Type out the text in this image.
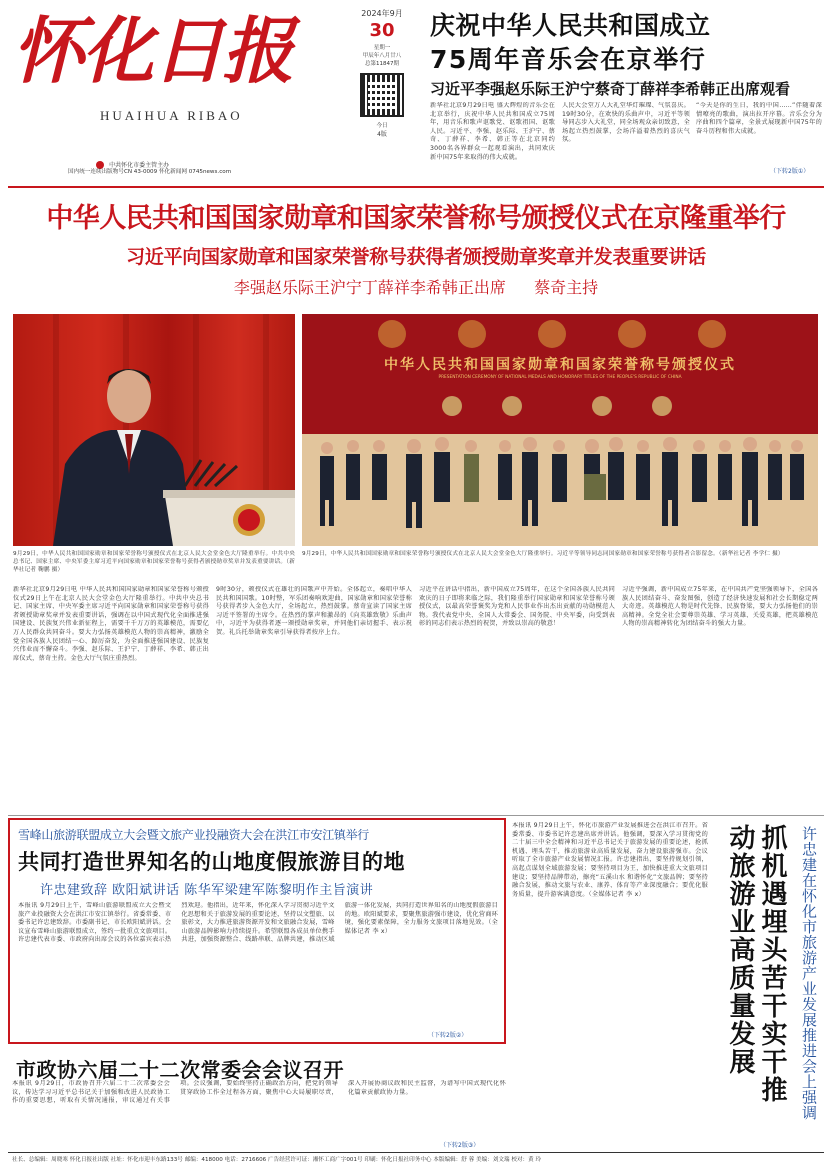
怀化日报
HUAIHUA RIBAO
中共怀化市委主管主办
国内统一连续出版物号CN 43-0009 怀化新闻网 0745news.com
2024年9月
30
星期一
甲辰年八月廿八
总第11847期
今日
4版
庆祝中华人民共和国成立
75周年音乐会在京举行
习近平李强赵乐际王沪宁蔡奇丁薛祥李希韩正出席观看
新华社北京9月29日电 盛大辉煌的音乐会在北京举行，庆祝中华人民共和国成立75周年，用音乐和歌声讴歌党、讴歌祖国、讴歌人民。习近平、李强、赵乐际、王沪宁、蔡奇、丁薛祥、李希、韩正等在北京同约3000名各界群众一起观看演出，共同欢庆新中国75年来取得的伟大成就。
人民大会堂万人大礼堂华灯璀璨、气氛喜庆。19时30分，在欢快的乐曲声中，习近平等领导同志步入大礼堂，同全场观众亲切致意，全场起立热烈鼓掌，会场洋溢着热烈的喜庆气氛。
“今天是你的生日，我的中国……”伴随着深情嘹亮的歌曲，演出拉开序幕。音乐会分为序曲和四个篇章，全景式展现新中国75年的奋斗历程和伟大成就。
（下转2版①）
中华人民共和国国家勋章和国家荣誉称号颁授仪式在京隆重举行
习近平向国家勋章和国家荣誉称号获得者颁授勋章奖章并发表重要讲话
李强赵乐际王沪宁丁薛祥李希韩正出席 蔡奇主持
中华人民共和国国家勋章和国家荣誉称号颁授仪式
PRESENTATION CEREMONY OF NATIONAL MEDALS AND HONORARY TITLES OF THE PEOPLE'S REPUBLIC OF CHINA
9月29日，中华人民共和国国家勋章和国家荣誉称号颁授仪式在北京人民大会堂金色大厅隆重举行。中共中央总书记、国家主席、中央军委主席习近平向国家勋章和国家荣誉称号获得者颁授勋章奖章并发表重要讲话。（新华社记者 鞠鹏 摄）
9月29日，中华人民共和国国家勋章和国家荣誉称号颁授仪式在北京人民大会堂金色大厅隆重举行。习近平等领导同志同国家勋章和国家荣誉称号获得者合影留念。（新华社记者 李学仁 摄）
新华社北京9月29日电 中华人民共和国国家勋章和国家荣誉称号颁授仪式29日上午在北京人民大会堂金色大厅隆重举行。中共中央总书记、国家主席、中央军委主席习近平向国家勋章和国家荣誉称号获得者颁授勋章奖章并发表重要讲话，强调在以中国式现代化全面推进强国建设、民族复兴伟业新征程上，需要千千万万的英雄模范，需要亿万人民群众共同奋斗。要大力弘扬英雄模范人物的崇高精神，激励全党全国各族人民团结一心、踔厉奋发，为全面推进强国建设、民族复兴伟业而不懈奋斗。李强、赵乐际、王沪宁、丁薛祥、李希、韩正出席仪式，蔡奇主持。金色大厅气氛庄重热烈。
9时30分，颁授仪式在雄壮的国歌声中开始。全体起立，奏唱中华人民共和国国歌。10时整，军乐团奏响欢迎曲，国家勋章和国家荣誉称号获得者步入金色大厅，全场起立，热烈鼓掌。蔡奇宣读了国家主席习近平签署的主席令。在热烈的掌声和激昂的《向英雄致敬》乐曲声中，习近平为获得者逐一颁授勋章奖章，并同他们亲切握手、表示祝贺。礼兵托举勋章奖章引导获得者按序上台。
习近平在讲话中指出，新中国成立75周年，在这个全国各族人民共同欢庆的日子即将来临之际，我们隆重举行国家勋章和国家荣誉称号颁授仪式，以最高荣誉褒奖为党和人民事业作出杰出贡献的功勋模范人物。我代表党中央、全国人大常委会、国务院、中央军委，向受到表彰的同志们表示热烈的祝贺，并致以崇高的敬意！
习近平强调，新中国成立75年来，在中国共产党坚强领导下，全国各族人民团结奋斗、奋发图强，创造了经济快速发展和社会长期稳定两大奇迹。英雄模范人物是时代先锋、民族脊梁，要大力弘扬他们的崇高精神。全党全社会要尊崇英雄、学习英雄、关爱英雄，把英雄模范人物的崇高精神转化为团结奋斗的强大力量。
雪峰山旅游联盟成立大会暨文旅产业投融资大会在洪江市安江镇举行
共同打造世界知名的山地度假旅游目的地
许忠建致辞 欧阳斌讲话 陈华军梁建军陈黎明作主旨演讲
本报讯 9月29日上午，雪峰山旅游联盟成立大会暨文旅产业投融资大会在洪江市安江镇举行。省委常委、市委书记许忠建致辞。市委副书记、市长欧阳斌讲话。会议宣布雪峰山旅游联盟成立，签约一批重点文旅项目。许忠建代表市委、市政府向出席会议的各位嘉宾表示热烈欢迎。他指出，近年来，怀化深入学习贯彻习近平文化思想和关于旅游发展的重要论述，坚持以文塑旅、以旅彰文，大力推进旅游资源开发和文旅融合发展，雪峰山旅游品牌影响力持续提升。希望联盟各成员单位携手共进，加强资源整合、线路串联、品牌共建，推动区域旅游一体化发展，共同打造世界知名的山地度假旅游目的地。欧阳斌要求，要聚焦旅游强市建设，优化营商环境，强化要素保障，全力服务文旅项目落地见效。（全媒体记者 李 x）
（下转2版②）
本报讯 9月29日上午，怀化市旅游产业发展推进会在洪江市召开。省委常委、市委书记许忠建出席并讲话。他强调，要深入学习贯彻党的二十届三中全会精神和习近平总书记关于旅游发展的重要论述，抢抓机遇、埋头苦干，推动旅游业高质量发展，奋力建设旅游强市。会议听取了全市旅游产业发展情况汇报。许忠建指出，要坚持规划引领，高起点谋划全域旅游发展；要坚持项目为王，加快推进重大文旅项目建设；要坚持品牌带动，擦亮“五溪山水 和谐怀化”文旅品牌；要坚持融合发展，推动文旅与农业、康养、体育等产业深度融合；要优化服务质量，提升游客满意度。（全媒体记者 李 x）	抓机遇埋头苦干实干推动旅游业高质量发展	许忠建在怀化市旅游产业发展推进会上强调
市政协六届二十二次常委会会议召开
本报讯 9月29日，市政协召开六届二十二次常委会会议，传达学习习近平总书记关于加强和改进人民政协工作的重要思想，听取有关情况通报，审议通过有关事项。会议强调，要始终坚持正确政治方向，把党的领导贯穿政协工作全过程各方面，聚焦中心大局履职尽责，深入开展协商议政和民主监督，为谱写中国式现代化怀化篇章贡献政协力量。
（下转2版③）
社长、总编辑：周晓寒 怀化日报社出版 社址：怀化市迎丰东路133号 邮编：418000 电话：2716606 广告经营许可证：湘怀工商广字001号 印刷：怀化日报社印务中心 本版编辑：舒 蓉 美编：刘文瑞 校对：黄 玲
